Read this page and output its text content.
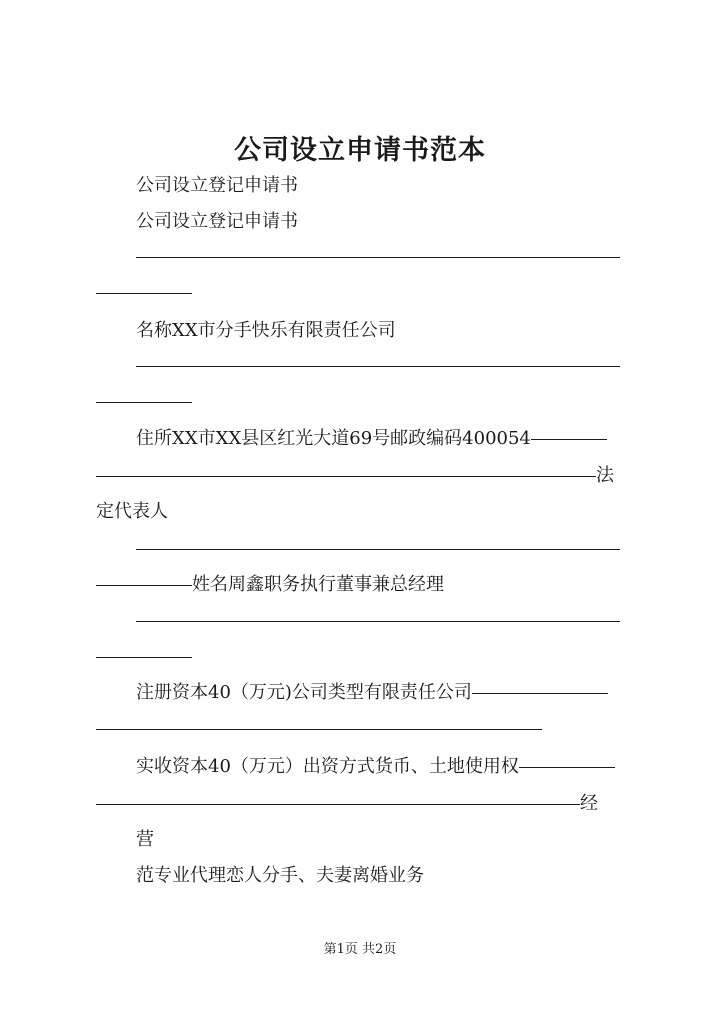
公司设立申请书范本
公司设立登记申请书
公司设立登记申请书
名称XX市分手快乐有限责任公司
住所XX市XX县区红光大道69号邮政编码400054
法
定代表人
姓名周鑫职务执行董事兼总经理
注册资本40（万元)公司类型有限责任公司
实收资本40（万元）出资方式货币、土地使用权
经
营
范专业代理恋人分手、夫妻离婚业务
第1页 共2页
